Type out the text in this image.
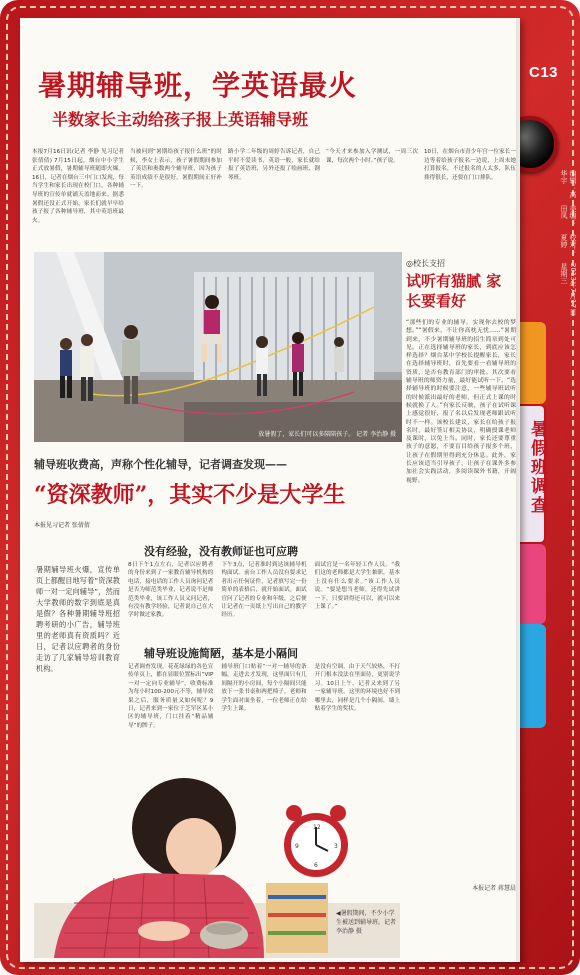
C13
编辑：高华宇
美编：田凤
校对：夏婷
2013年7月17日 星期三
暑假班调查
暑期辅导班，学英语最火
半数家长主动给孩子报上英语辅导班
本报7月16日讯(记者 李静 见习记者 张倩倩) 7月15日起，烟台中小学生正式放暑假，暑期辅导班随即火爆。16日，记者在烟台三中门口发现，每当学生和家长出现在校门口，各种辅导班的宣传单就铺天盖地而来。据悉暑假还没正式开始，家长们就早早给孩子报了各种辅导班，其中英语班最火。
当被问到“暑期给孩子报什么班”的时候，李女士表示，孩子暑假期间参加了英语和奥数两个辅导班，因为孩子英语成绩不是很好，暑假期间正好补一下。
路小学二年级的周婷告诉记者，自己平时不爱读书，英语一般，家长就给报了英语班，另外还报了绘画班、钢琴班。
“今天才来参加入学测试，一周三次课，每次两个小时。”孩子说。
10日，在烟台市青少年宫一位家长一边等着给孩子报名一边说，上周末她打算报名，不过报名的人太多，队伍排得很长，还要在门口排队。
放暑假了，家长们可以多陪陪孩子。 记者 李治静 摄
◎校长支招
试听有猫腻 家长要看好
“那些们的专业的辅导，实现你去校的梦想。”“暑假来，不让你高枕无忧……”暑期到来，不少暑期辅导班的招生简章到处可见。正在选择辅导班的家长，到底应该怎样选择？烟台某中学校长提醒家长，家长在选择辅导班时，首先要看一看辅导班的资质，是否有教育部门的审批。其次要看辅导班的师资力量，最好能试听一下。“选择辅导班的时候要注意，一些辅导班试听的时候派出最好的老师，但正式上课的时候就换了人。”有家长反映，孩子在试听课上感觉很好，报了名以后发现老师跟试听时不一样。该校长建议，家长在给孩子报名时，最好签订相关协议，明确授课老师及课时，以免上当。同时，家长还要尊重孩子的意愿，不要盲目给孩子报多个班，让孩子在假期里得到充分休息。此外，家长应该适当引导孩子，让孩子在课外多参加社会实践活动，多阅读课外书籍，开阔视野。
本报记者 蒋慧晨
辅导班收费高，声称个性化辅导，记者调查发现——
“资深教师”，其实不少是大学生
本报见习记者 张倩倩
暑期辅导班火爆，宣传单页上都醒目地写着“资深教师一对一定向辅导”，然而大学教师的数字到底是真是假？各种暑期辅导班招聘考研的小广告，辅导班里的老师真有资质吗？近日，记者以应聘者的身份走访了几家辅导培训教育机构。
没有经验，没有教师证也可应聘
8日下午1点左右，记者以应聘者的身份来到了一家教育辅导机构的电话，接电话的工作人员询问记者是否为师范类毕业，记者说不是师范类毕业，该工作人员又问记者，有没有教学经验，记者说自己在大学时做过家教。
下午3点，记者准时到达该辅导机构面试。前台工作人员没有要求记者出示任何证件，记者填写完一份简单的表格后，就开始面试。面试官问了记者的专业和年级，之后便让记者在一页纸上写出自己的教学经历。
面试官是一名年轻工作人员。“我们这的老师都是大学生兼职，基本上没有什么要求。”该工作人员说。“要是想当老师，还得先试讲一下，只要讲得还可以，就可以来上课了。”
辅导班设施简陋，基本是小隔间
记者调查发现，花花绿绿的各色宣传单页上，都在显眼位置标出“VIP一对一定向专业辅导”，收费标准为每小时100-200元不等，辅导效果之后，服务质量又如何呢？9日，记者来到一家位于芝罘区某小区的辅导班，门口挂着“精品辅导”的牌子。
辅导班门口贴着“一对一辅导的条幅，走进去才发现，这里面只有几间隔开的小房间，每个小隔间只能放下一张书桌和两把椅子，老师和学生面对面坐着，一位老师正在给学生上课。
是没有空调，由于天气较热，不打开门根本没法在里面待，更别说学习。10日上午，记者又来到了另一家辅导班，这里的环境也好不到哪里去，同样是几个小隔间，墙上贴着学生的奖状。
12
3
6
9
◀暑假期间，不少小学生被送到辅导班。记者 李治静 摄
